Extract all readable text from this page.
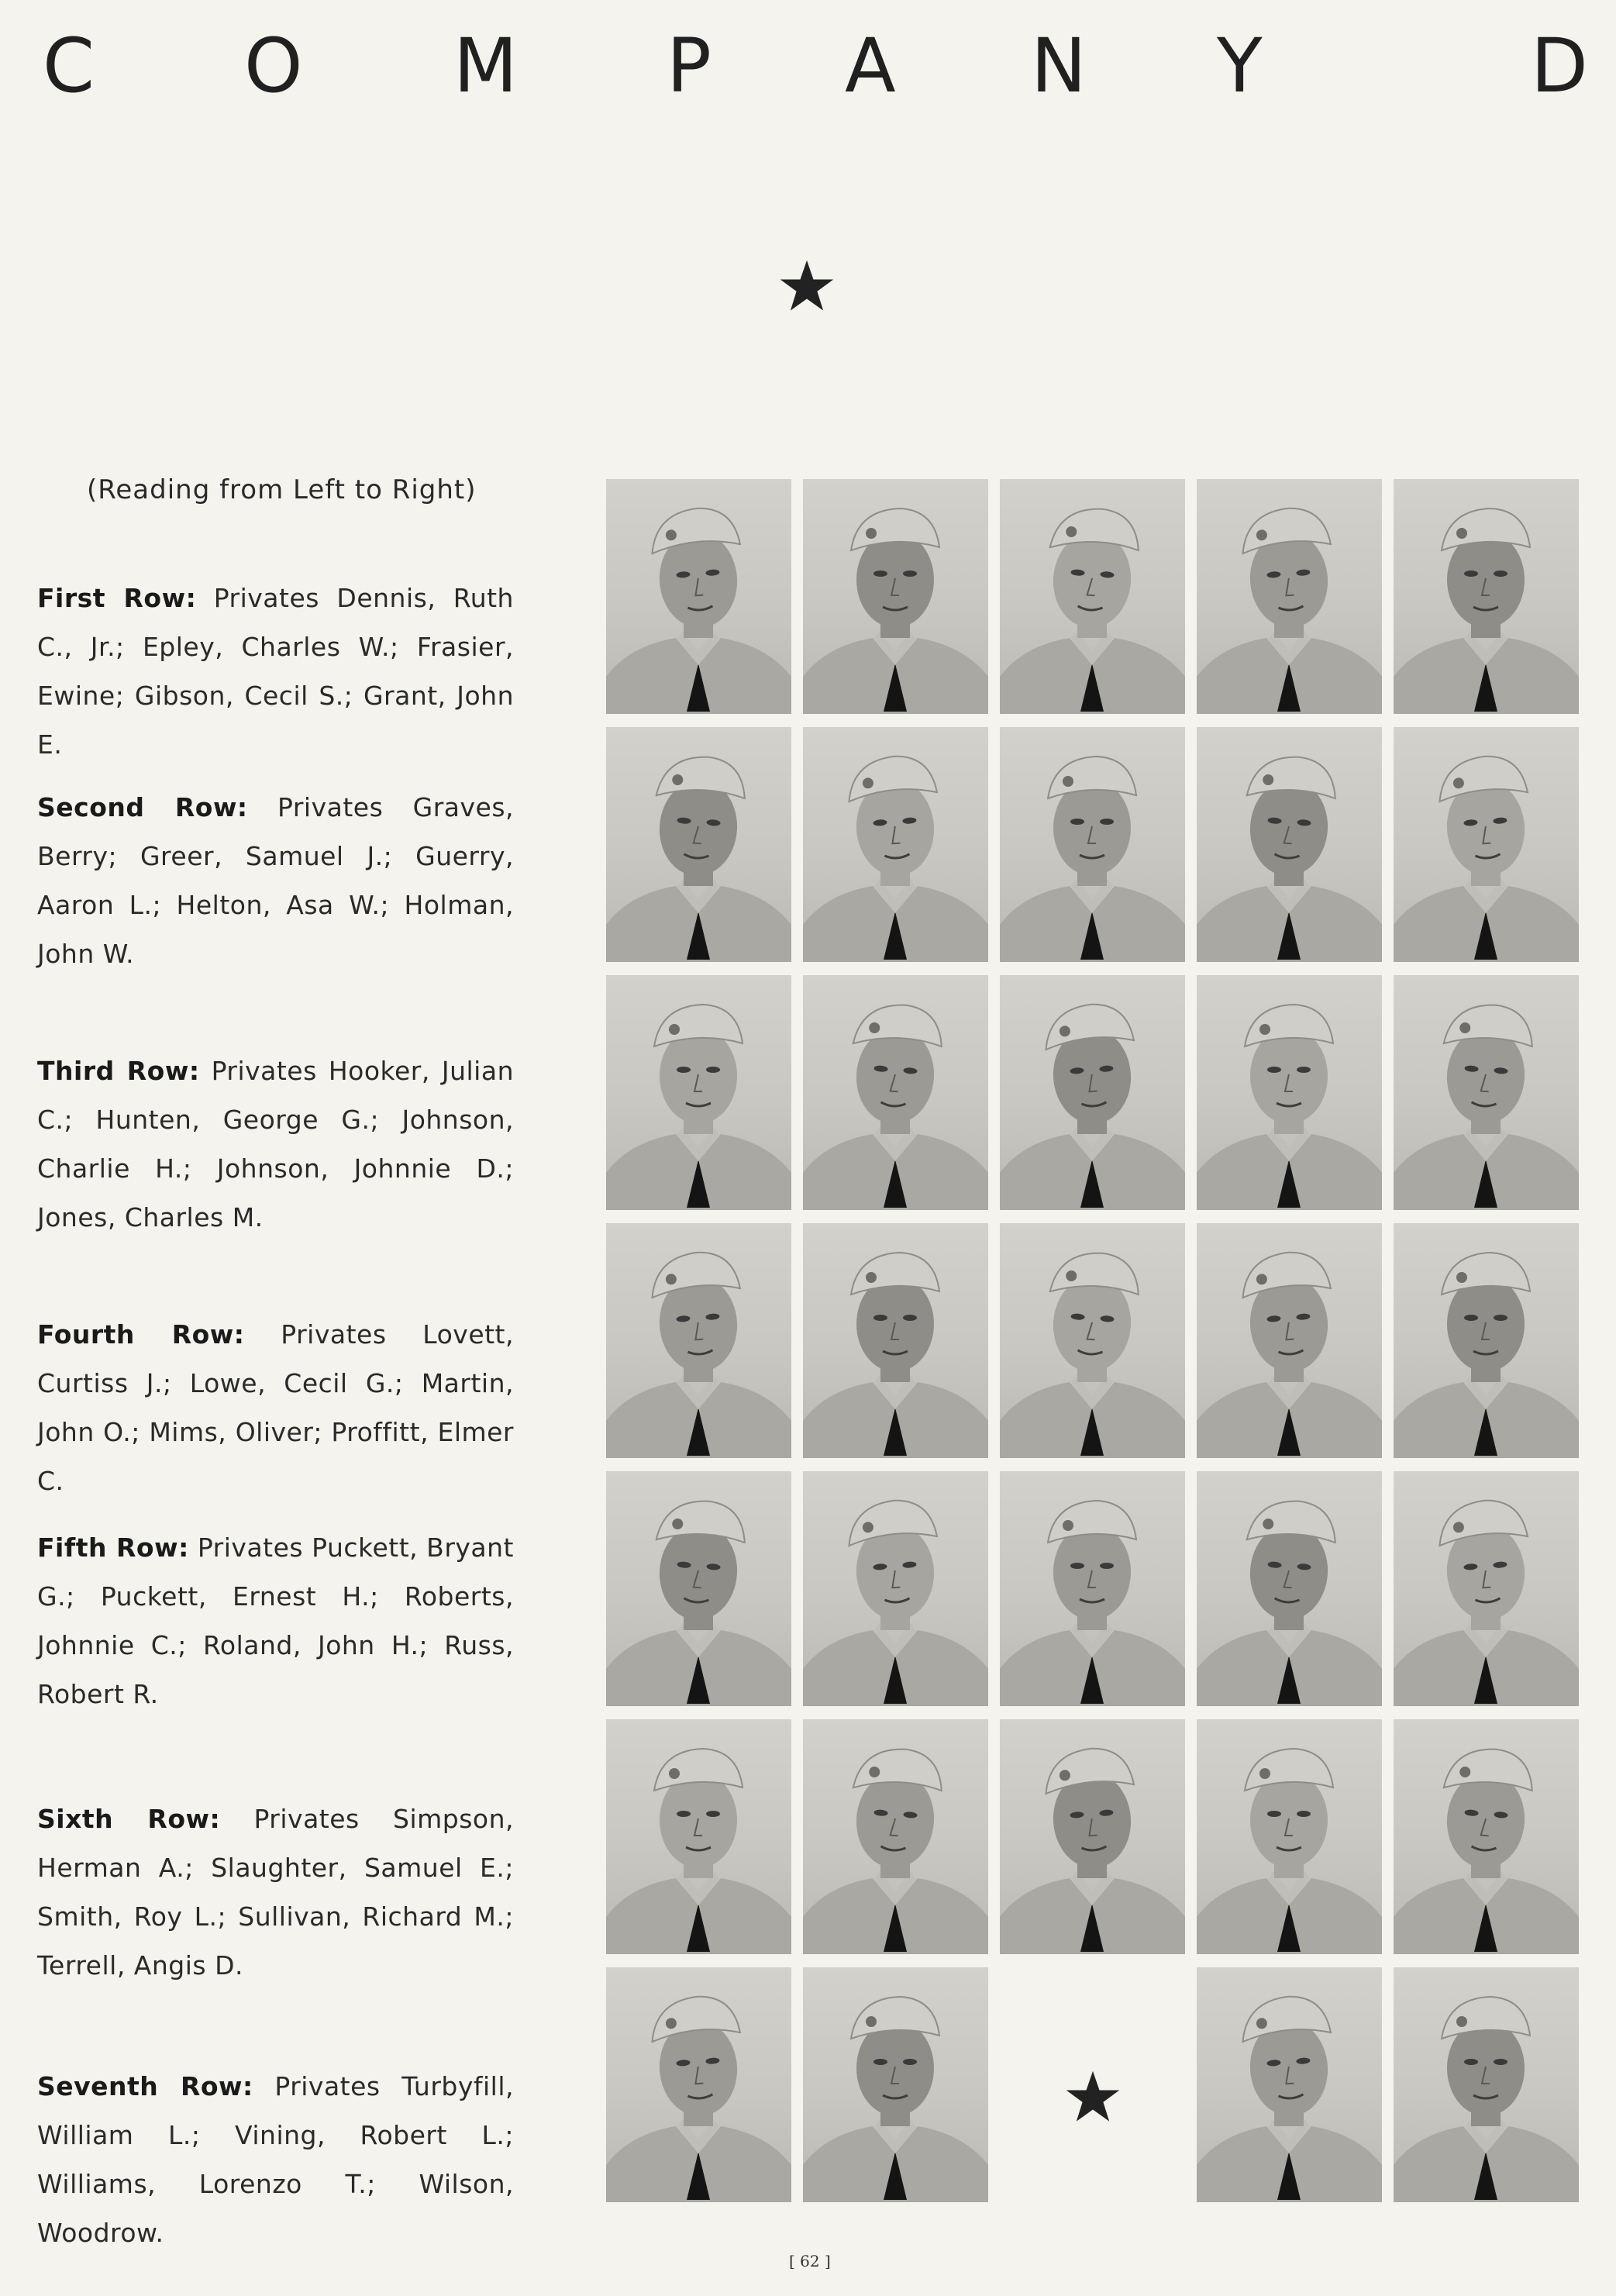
C O M P A N Y	D
(Reading from Left to Right)
First Row: Privates Dennis, Ruth C., Jr.; Epley, Charles W.; Frasier, Ewine; Gibson, Cecil S.; Grant, John E.
Second Row: Privates Graves, Berry; Greer, Samuel J.; Guerry, Aaron L.; Helton, Asa W.; Holman, John W.
Third Row: Privates Hooker, Julian C.; Hunten, George G.; Johnson, Charlie H.; Johnson, Johnnie D.; Jones, Charles M.
Fourth Row: Privates Lovett, Curtiss J.; Lowe, Cecil G.; Martin, John O.; Mims, Oliver; Proffitt, Elmer C.
Fifth Row: Privates Puckett, Bryant G.; Puckett, Ernest H.; Roberts, Johnnie C.; Roland, John H.; Russ, Robert R.
Sixth Row: Privates Simpson, Herman A.; Slaughter, Samuel E.; Smith, Roy L.; Sullivan, Richard M.; Terrell, Angis D.
Seventh Row: Privates Turbyfill, William L.; Vining, Robert L.; Williams, Lorenzo T.; Wilson, Woodrow.
[ 62 ]
